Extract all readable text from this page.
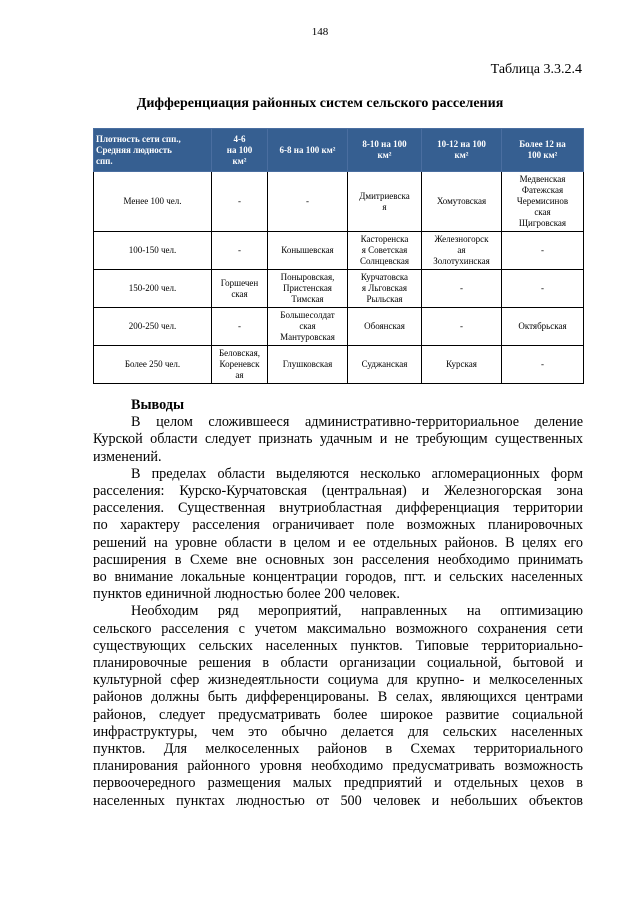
148
Таблица 3.3.2.4
Дифференциация районных систем сельского расселения
Плотность сети спп.,
Средняя людность
спп.	4-6
на 100
км²	6-8 на 100 км²	8-10 на 100
км²	10-12 на 100
км²	Более 12 на
100 км²

Менее 100 чел.	-	-	Дмитриевска
я	Хомутовская	Медвенская
Фатежская
Черемисинов
ская
Щигровская

100-150 чел.	-	Конышевская	Касторенска
я Советская
Солнцевская	Железногорск
ая
Золотухинская	-

150-200 чел.	Горшечен
ская	Поныровская,
Пристенская
Тимская	Курчатовска
я Льговская
Рыльская	-	-

200-250 чел.	-	Большесолдат
ская
Мантуровская	Обоянская	-	Октябрьская

Более 250 чел.	Беловская,
Кореневск
ая	Глушковская	Суджанская	Курская	-
Выводы
В целом сложившееся административно-территориальное деление
Курской области следует признать удачным и не требующим существенных
изменений.
В пределах области выделяются несколько агломерационных форм
расселения: Курско-Курчатовская (центральная) и Железногорская зона
расселения. Существенная внутриобластная дифференциация территории
по характеру расселения ограничивает поле возможных планировочных
решений на уровне области в целом и ее отдельных районов. В целях его
расширения в Схеме вне основных зон расселения необходимо принимать
во внимание локальные концентрации городов, пгт. и сельских населенных
пунктов единичной людностью более 200 человек.
Необходим ряд мероприятий, направленных на оптимизацию
сельского расселения с учетом максимально возможного сохранения сети
существующих сельских населенных пунктов. Типовые территориально-
планировочные решения в области организации социальной, бытовой и
культурной сфер жизнедеятльности социума для крупно- и мелкоселенных
районов должны быть дифференцированы. В селах, являющихся центрами
районов, следует предусматривать более широкое развитие социальной
инфраструктуры, чем это обычно делается для сельских населенных
пунктов. Для мелкоселенных районов в Схемах территориального
планирования районного уровня необходимо предусматривать возможность
первоочередного размещения малых предприятий и отдельных цехов в
населенных пунктах людностью от 500 человек и небольших объектов
